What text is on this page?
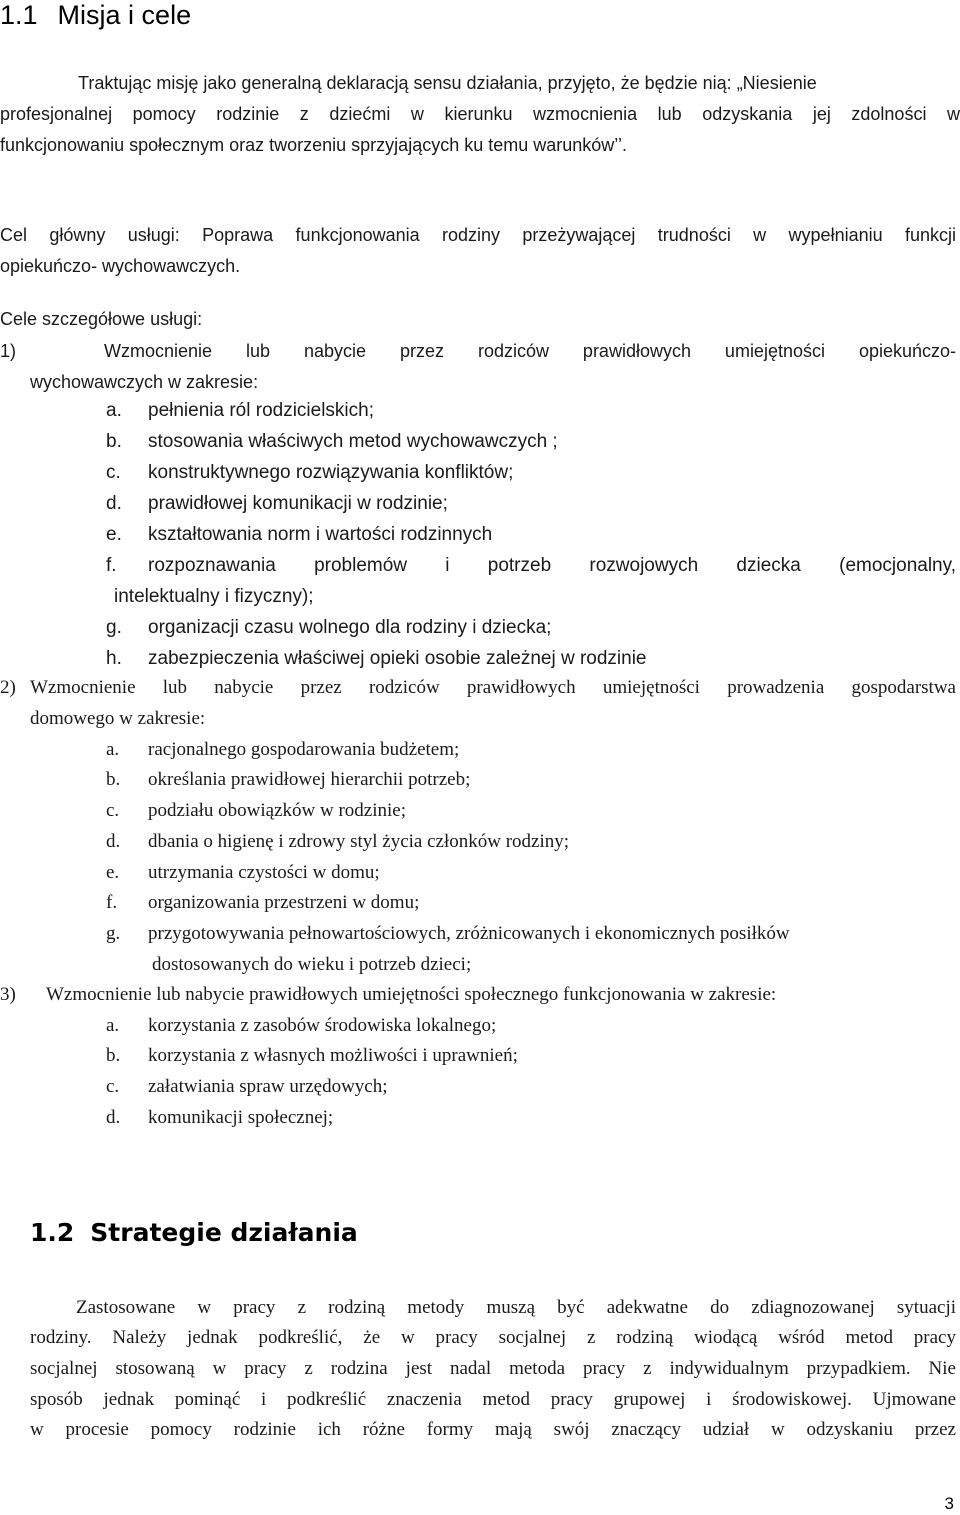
1.1 Misja i cele
Traktując misję jako generalną deklaracją sensu działania, przyjęto, że będzie nią: „Niesienie
profesjonalnej pomocy rodzinie z dziećmi w kierunku wzmocnienia lub odzyskania jej zdolności w
funkcjonowaniu społecznym oraz tworzeniu sprzyjających ku temu warunków’’.
Cel główny usługi: Poprawa funkcjonowania rodziny przeżywającej trudności w wypełnianiu funkcji
opiekuńczo- wychowawczych.
Cele szczegółowe usługi:
1)	Wzmocnienie lub nabycie przez rodziców prawidłowych umiejętności opiekuńczo-
wychowawczych w zakresie:
a. pełnienia ról rodzicielskich;
b. stosowania właściwych metod wychowawczych ;
c. konstruktywnego rozwiązywania konfliktów;
d. prawidłowej komunikacji w rodzinie;
e. kształtowania norm i wartości rodzinnych
f. rozpoznawania problemów i potrzeb rozwojowych dziecka (emocjonalny,
intelektualny i fizyczny);
g. organizacji czasu wolnego dla rodziny i dziecka;
h. zabezpieczenia właściwej opieki osobie zależnej w rodzinie
2) Wzmocnienie lub nabycie przez rodziców prawidłowych umiejętności prowadzenia gospodarstwa
domowego w zakresie:
a. racjonalnego gospodarowania budżetem;
b. określania prawidłowej hierarchii potrzeb;
c. podziału obowiązków w rodzinie;
d. dbania o higienę i zdrowy styl życia członków rodziny;
e. utrzymania czystości w domu;
f. organizowania przestrzeni w domu;
g. przygotowywania pełnowartościowych, zróżnicowanych i ekonomicznych posiłków
dostosowanych do wieku i potrzeb dzieci;
3) Wzmocnienie lub nabycie prawidłowych umiejętności społecznego funkcjonowania w zakresie:
a. korzystania z zasobów środowiska lokalnego;
b. korzystania z własnych możliwości i uprawnień;
c. załatwiania spraw urzędowych;
d. komunikacji społecznej;
1.2 Strategie działania
Zastosowane w pracy z rodziną metody muszą być adekwatne do zdiagnozowanej sytuacji
rodziny. Należy jednak podkreślić, że w pracy socjalnej z rodziną wiodącą wśród metod pracy
socjalnej stosowaną w pracy z rodzina jest nadal metoda pracy z indywidualnym przypadkiem. Nie
sposób jednak pominąć i podkreślić znaczenia metod pracy grupowej i środowiskowej. Ujmowane
w procesie pomocy rodzinie ich różne formy mają swój znaczący udział w odzyskaniu przez
3
